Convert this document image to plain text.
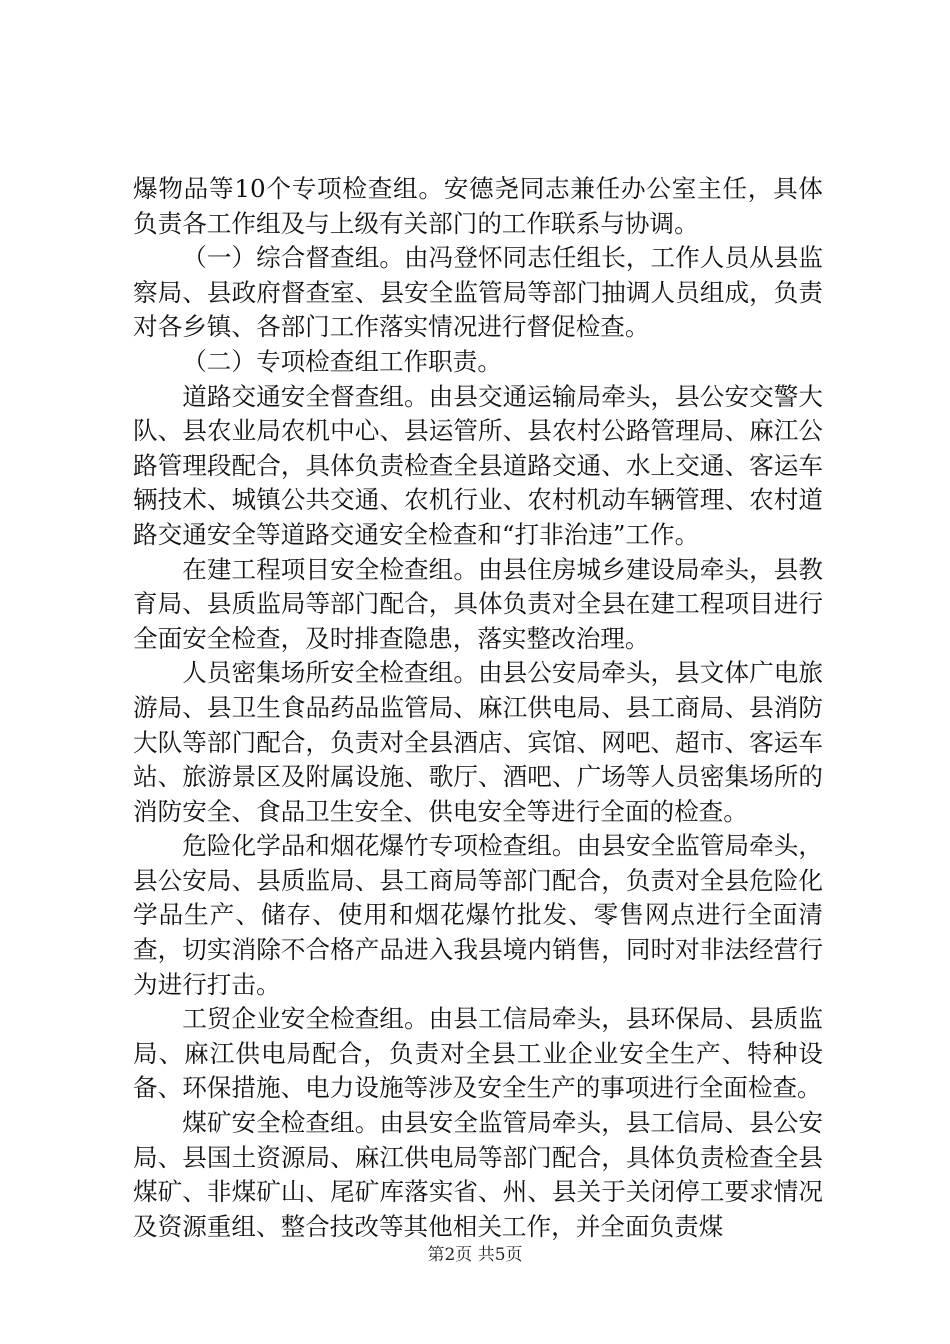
爆物品等10个专项检查组。安德尧同志兼任办公室主任，具体负责各工作组及与上级有关部门的工作联系与协调。

（一）综合督查组。由冯登怀同志任组长，工作人员从县监察局、县政府督查室、县安全监管局等部门抽调人员组成，负责对各乡镇、各部门工作落实情况进行督促检查。

（二）专项检查组工作职责。

道路交通安全督查组。由县交通运输局牵头，县公安交警大队、县农业局农机中心、县运管所、县农村公路管理局、麻江公路管理段配合，具体负责检查全县道路交通、水上交通、客运车辆技术、城镇公共交通、农机行业、农村机动车辆管理、农村道路交通安全等道路交通安全检查和“打非治违”工作。

在建工程项目安全检查组。由县住房城乡建设局牵头，县教育局、县质监局等部门配合，具体负责对全县在建工程项目进行全面安全检查，及时排查隐患，落实整改治理。

人员密集场所安全检查组。由县公安局牵头，县文体广电旅游局、县卫生食品药品监管局、麻江供电局、县工商局、县消防大队等部门配合，负责对全县酒店、宾馆、网吧、超市、客运车站、旅游景区及附属设施、歌厅、酒吧、广场等人员密集场所的消防安全、食品卫生安全、供电安全等进行全面的检查。

危险化学品和烟花爆竹专项检查组。由县安全监管局牵头，县公安局、县质监局、县工商局等部门配合，负责对全县危险化学品生产、储存、使用和烟花爆竹批发、零售网点进行全面清查，切实消除不合格产品进入我县境内销售，同时对非法经营行为进行打击。

工贸企业安全检查组。由县工信局牵头，县环保局、县质监局、麻江供电局配合，负责对全县工业企业安全生产、特种设备、环保措施、电力设施等涉及安全生产的事项进行全面检查。

煤矿安全检查组。由县安全监管局牵头，县工信局、县公安局、县国土资源局、麻江供电局等部门配合，具体负责检查全县煤矿、非煤矿山、尾矿库落实省、州、县关于关闭停工要求情况及资源重组、整合技改等其他相关工作，并全面负责煤

第2页 共5页
